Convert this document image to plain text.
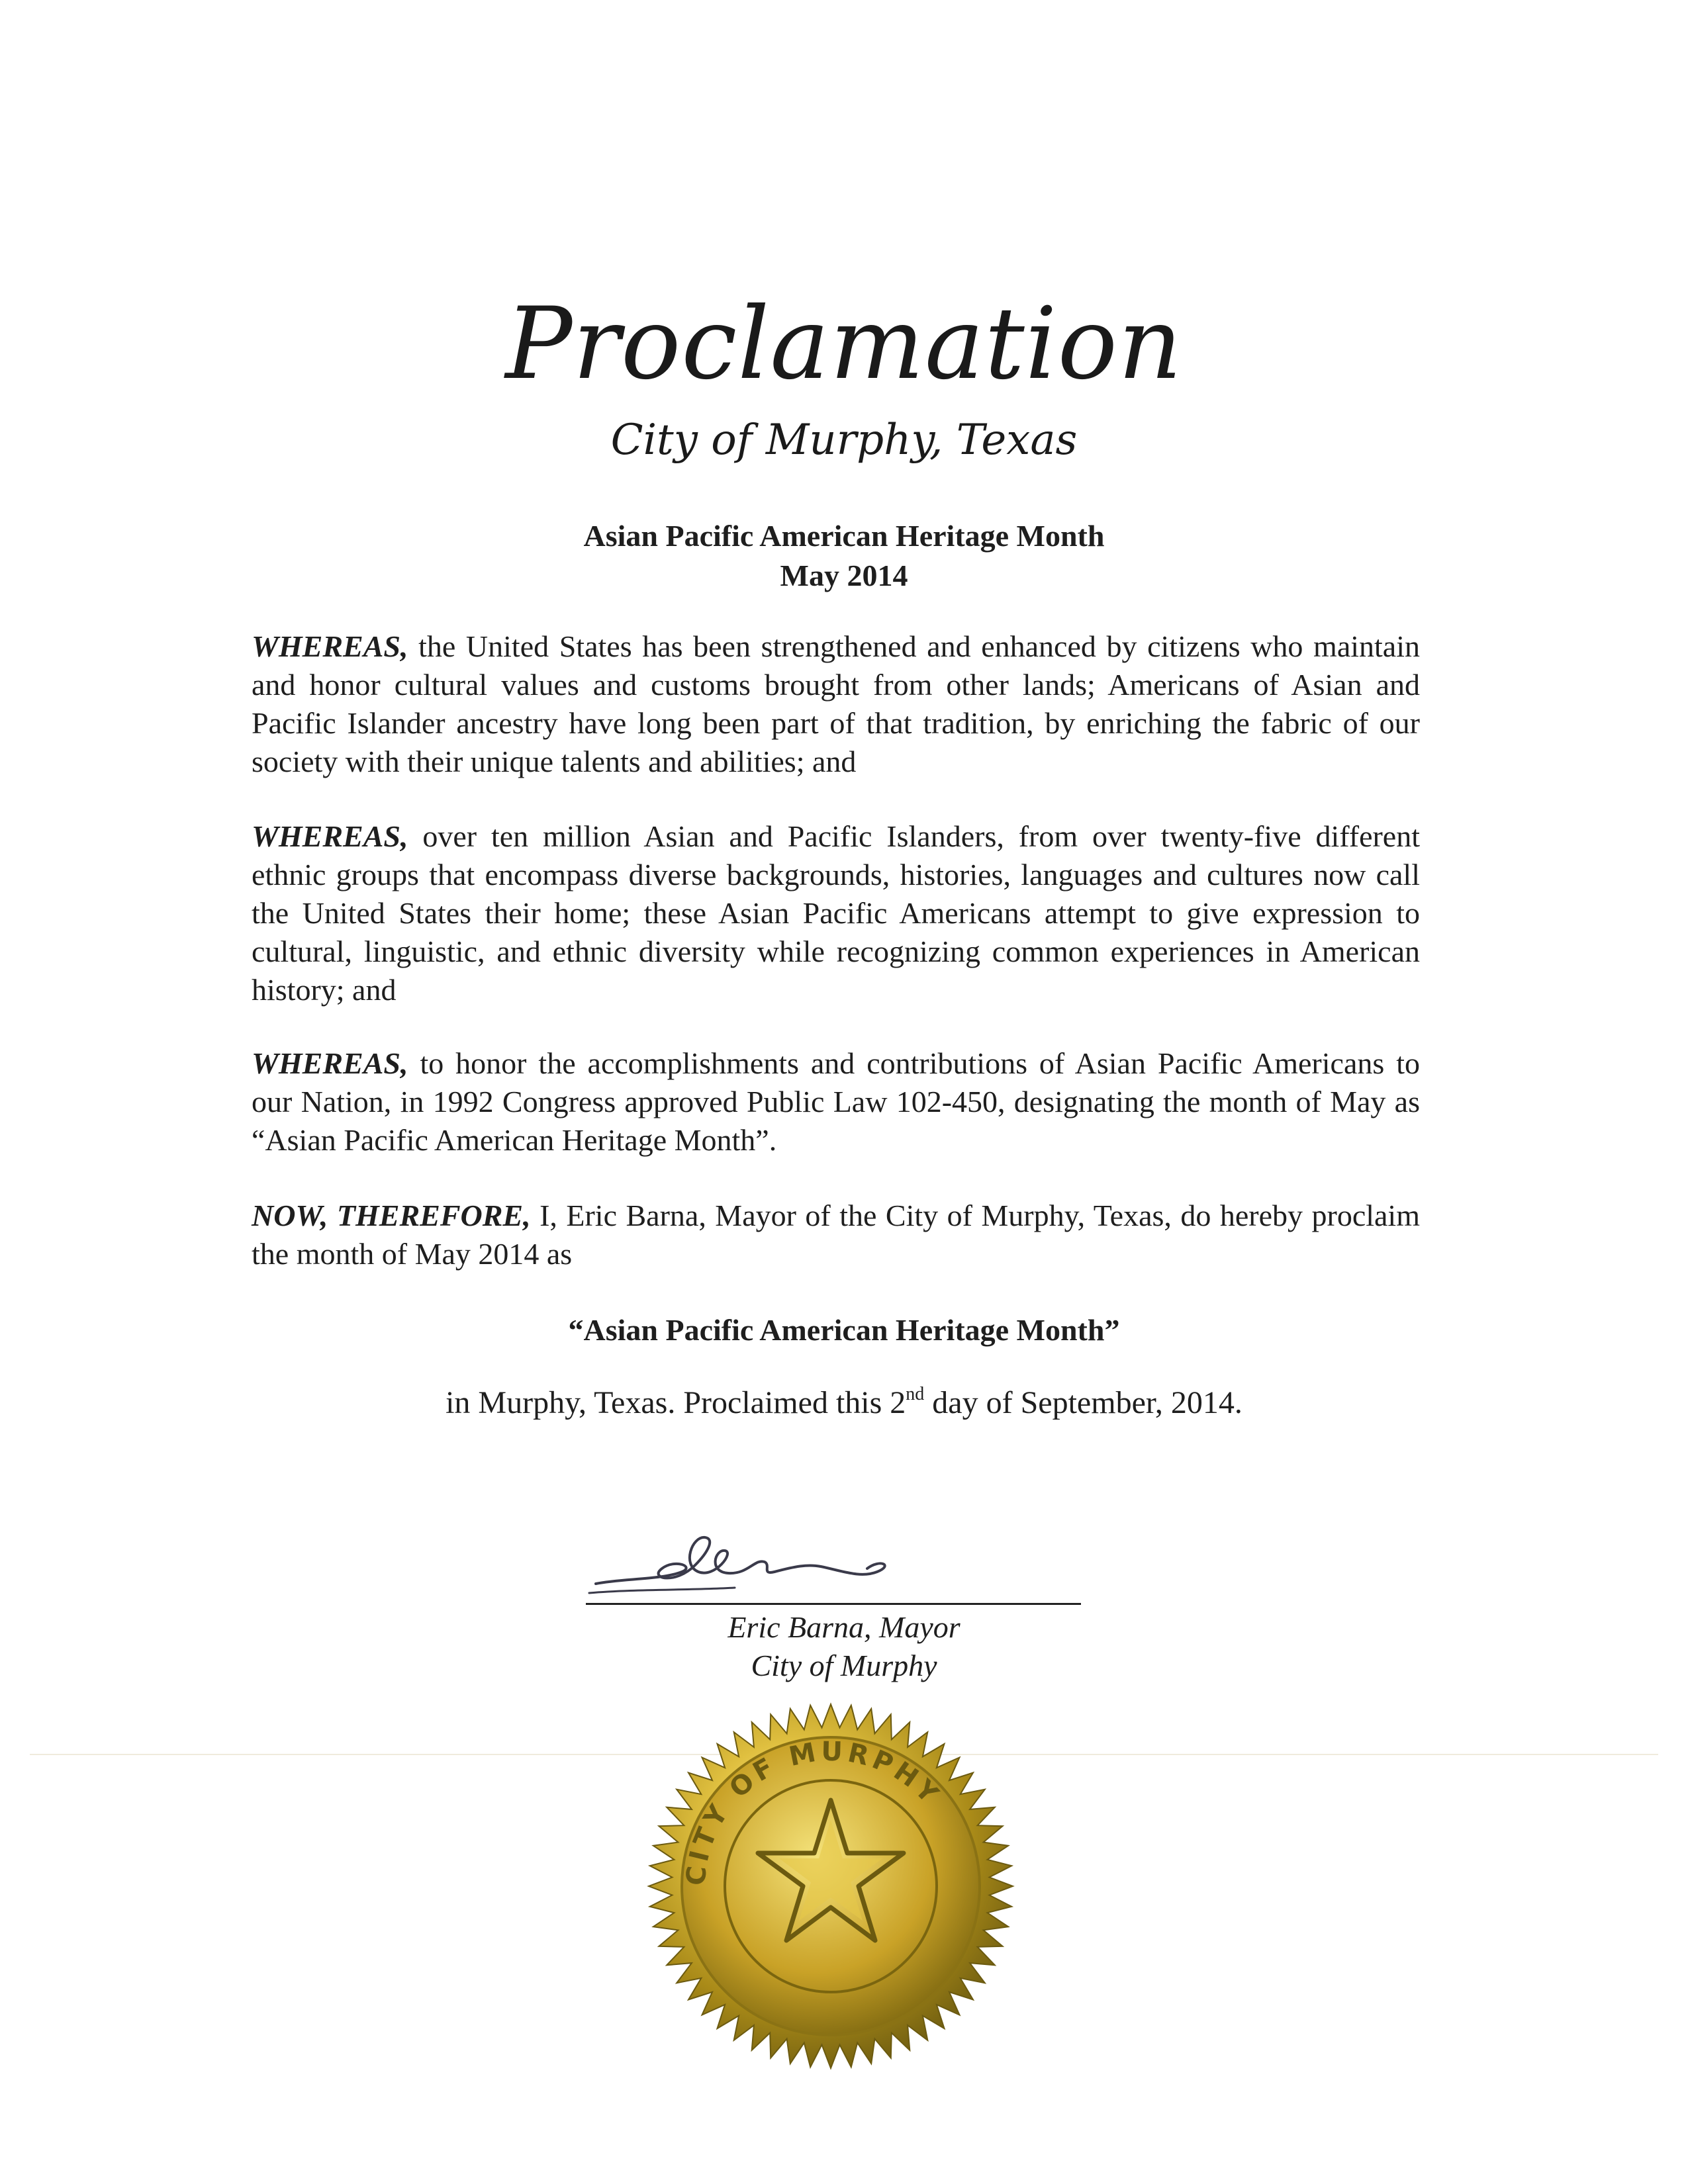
Proclamation
City of Murphy, Texas
Asian Pacific American Heritage Month
May 2014
WHEREAS, the United States has been strengthened and enhanced by citizens who maintain and honor cultural values and customs brought from other lands; Americans of Asian and Pacific Islander ancestry have long been part of that tradition, by enriching the fabric of our society with their unique talents and abilities; and
WHEREAS, over ten million Asian and Pacific Islanders, from over twenty-five different ethnic groups that encompass diverse backgrounds, histories, languages and cultures now call the United States their home; these Asian Pacific Americans attempt to give expression to cultural, linguistic, and ethnic diversity while recognizing common experiences in American history; and
WHEREAS, to honor the accomplishments and contributions of Asian Pacific Americans to our Nation, in 1992 Congress approved Public Law 102-450, designating the month of May as “Asian Pacific American Heritage Month”.
NOW, THEREFORE, I, Eric Barna, Mayor of the City of Murphy, Texas, do hereby proclaim the month of May 2014 as
“Asian Pacific American Heritage Month”
in Murphy, Texas. Proclaimed this 2nd day of September, 2014.
Eric Barna, Mayor
City of Murphy
CITY OF MURPHY
